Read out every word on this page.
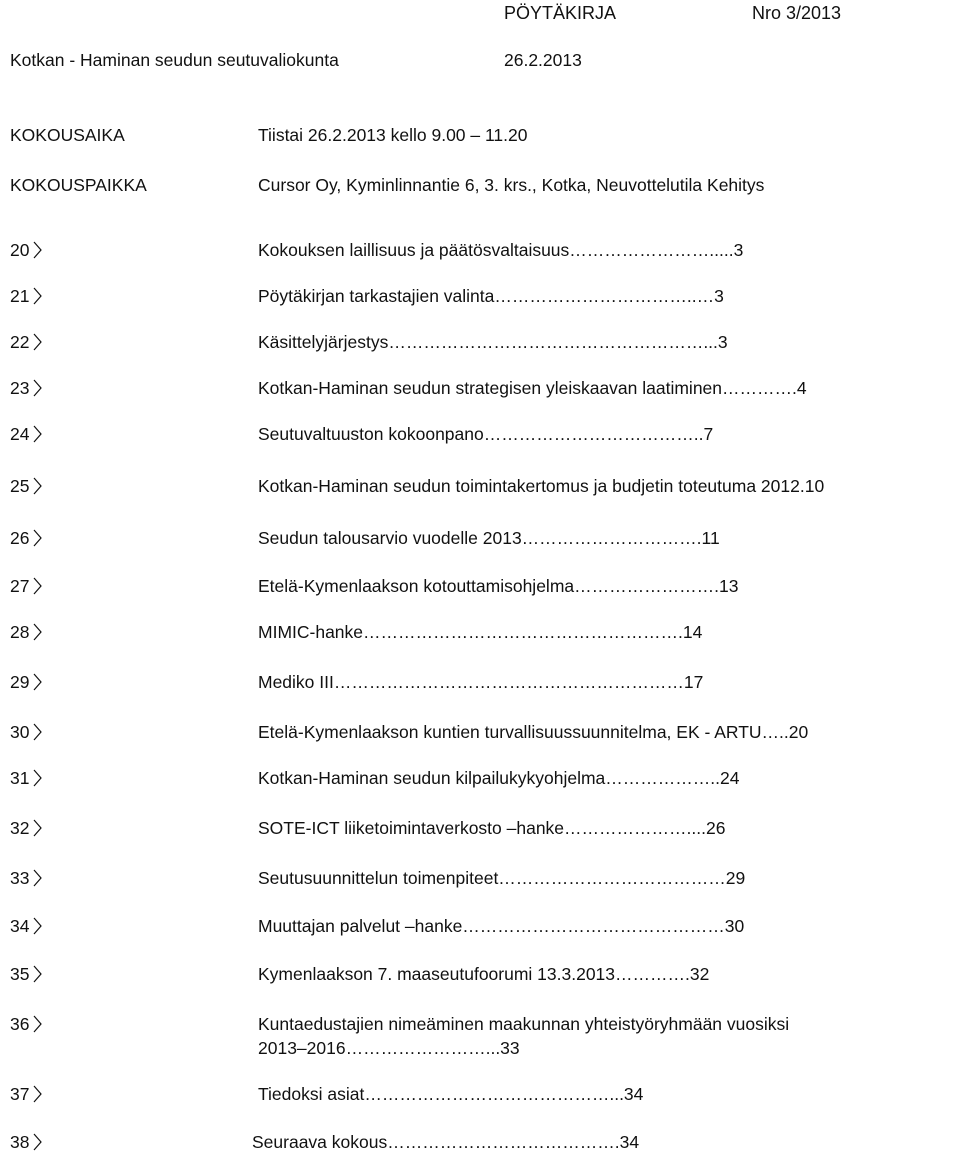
PÖYTÄKIRJA	Nro 3/2013
Kotkan - Haminan seudun seutuvaliokunta	26.2.2013
KOKOUSAIKA	Tiistai 26.2.2013 kello 9.00 – 11.20
KOKOUSPAIKKA	Cursor Oy, Kyminlinnantie 6, 3. krs., Kotka, Neuvottelutila Kehitys
20	Kokouksen laillisuus ja päätösvaltaisuus…………………….....3
21	Pöytäkirjan tarkastajien valinta……………………………..…3
22	Käsittelyjärjestys………………………………………………...3
23	Kotkan-Haminan seudun strategisen yleiskaavan laatiminen………….4
24	Seutuvaltuuston kokoonpano………………………………..7
25	Kotkan-Haminan seudun toimintakertomus ja budjetin toteutuma 2012.10
26	Seudun talousarvio vuodelle 2013………………………….11
27	Etelä-Kymenlaakson kotouttamisohjelma…………………….13
28	MIMIC-hanke……………………………………………….14
29	Mediko III……………………………………………………17
30	Etelä-Kymenlaakson kuntien turvallisuussuunnitelma, EK - ARTU…..20
31	Kotkan-Haminan seudun kilpailukykyohjelma………………..24
32	SOTE-ICT liiketoimintaverkosto –hanke…………………....26
33	Seutusuunnittelun toimenpiteet…………………………………29
34	Muuttajan palvelut –hanke………………………………………30
35	Kymenlaakson 7. maaseutufoorumi 13.3.2013………….32
36	Kuntaedustajien nimeäminen maakunnan yhteistyöryhmään vuosiksi
2013–2016……………………...33
37	Tiedoksi asiat……………………………………...34
38	Seuraava kokous………………………………….34
